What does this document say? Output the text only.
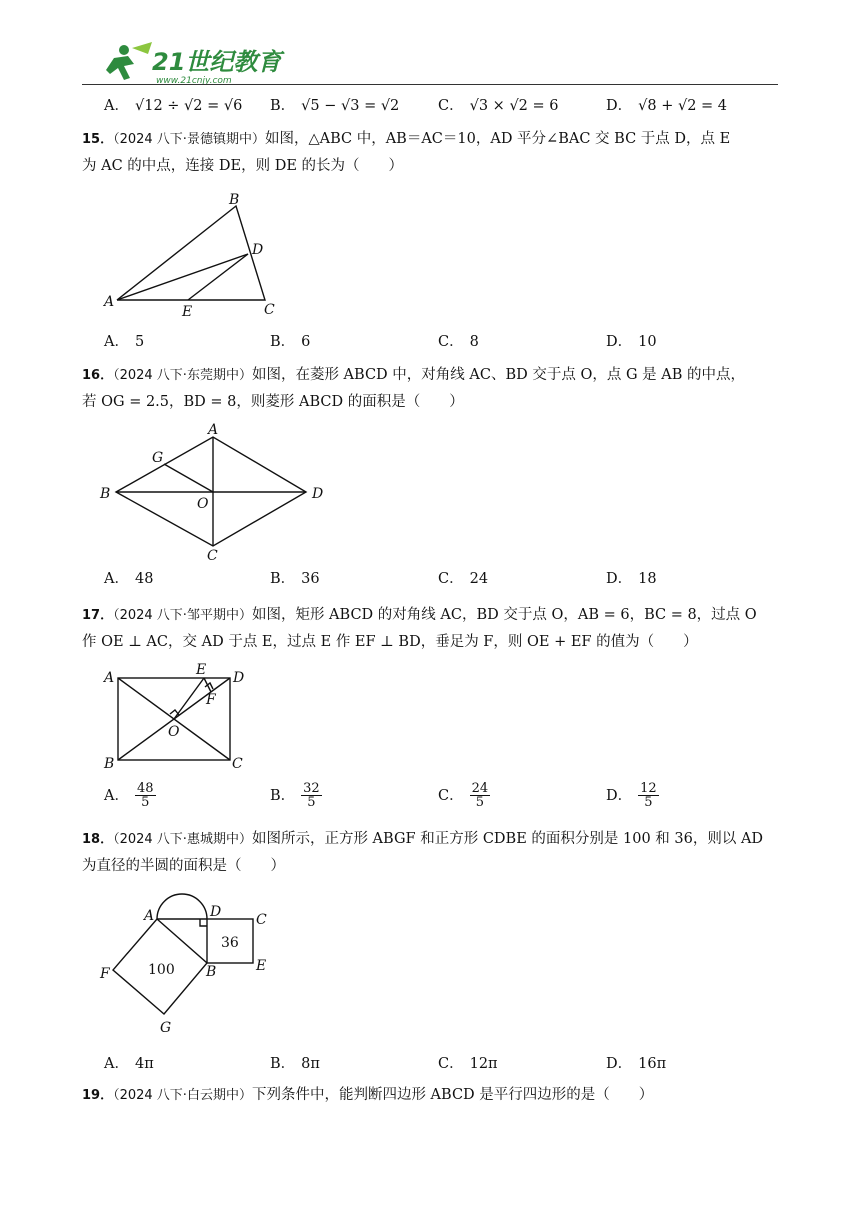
21世纪教育
www.21cnjy.com
A． √12 ÷ √2 = √6 B． √5 − √3 = √2	C． √3 × √2 = 6	D． √8 + √2 = 4
15．（2024 八下·景德镇期中）如图，△ABC 中，AB＝AC＝10，AD 平分∠BAC 交 BC 于点 D，点 E
为 AC 的中点，连接 DE，则 DE 的长为（　　）
A
B
C
D
E
A． 5	B． 6	C． 8	D． 10
16．（2024 八下·东莞期中）如图，在菱形 ABCD 中，对角线 AC、BD 交于点 O，点 G 是 AB 的中点，
若 OG = 2.5，BD = 8，则菱形 ABCD 的面积是（　　）
A
B
C
D
O
G
A． 48	B． 36	C． 24	D． 18
17．（2024 八下·邹平期中）如图，矩形 ABCD 的对角线 AC，BD 交于点 O，AB = 6，BC = 8，过点 O
作 OE ⊥ AC，交 AD 于点 E，过点 E 作 EF ⊥ BD，垂足为 F，则 OE + EF 的值为（　　）
A
B	C
D
O
E
F
A． $\frac{48}{5}$	B． $\frac{32}{5}$	C． $\frac{24}{5}$	D． $\frac{12}{5}$
18．（2024 八下·惠城期中）如图所示，正方形 ABGF 和正方形 CDBE 的面积分别是 100 和 36，则以 AD
为直径的半圆的面积是（　　）
A
B
C
D
E
F
G
100
36
A． 4π	B． 8π	C． 12π	D． 16π
19．（2024 八下·白云期中）下列条件中，能判断四边形 ABCD 是平行四边形的是（　　）
